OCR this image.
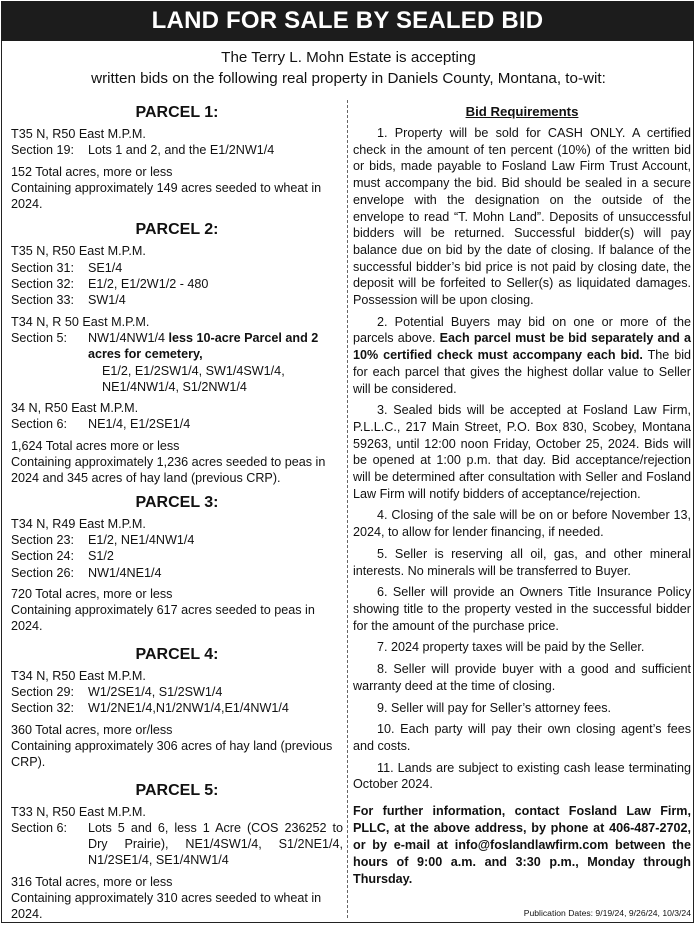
LAND FOR SALE BY SEALED BID
The Terry L. Mohn Estate is accepting
written bids on the following real property in Daniels County, Montana, to-wit:
PARCEL 1:
T35 N, R50 East M.P.M.
Section 19:	Lots 1 and 2, and the E1/2NW1/4
152 Total acres, more or less
Containing approximately 149 acres seeded to wheat in 2024.
PARCEL 2:
T35 N, R50 East M.P.M.
Section 31:	SE1/4
Section 32:	E1/2, E1/2W1/2 - 480
Section 33:	SW1/4
T34 N, R 50 East M.P.M.
Section 5:	NW1/4NW1/4 less 10-acre Parcel and 2 acres for cemetery,

E1/2, E1/2SW1/4, SW1/4SW1/4, NE1/4NW1/4, S1/2NW1/4
34 N, R50 East M.P.M.
Section 6:	NE1/4, E1/2SE1/4
1,624 Total acres more or less
Containing approximately 1,236 acres seeded to peas in 2024 and 345 acres of hay land (previous CRP).
PARCEL 3:
T34 N, R49 East M.P.M.
Section 23:	E1/2, NE1/4NW1/4
Section 24:	S1/2
Section 26:	NW1/4NE1/4
720 Total acres, more or less
Containing approximately 617 acres seeded to peas in 2024.
PARCEL 4:
T34 N, R50 East M.P.M.
Section 29:	W1/2SE1/4, S1/2SW1/4
Section 32:	W1/2NE1/4,N1/2NW1/4,E1/4NW1/4
360 Total acres, more or/less
Containing approximately 306 acres of hay land (previous CRP).
PARCEL 5:
T33 N, R50 East M.P.M.
Section 6:	Lots 5 and 6, less 1 Acre (COS 236252 to Dry Prairie), NE1/4SW1/4, S1/2NE1/4, N1/2SE1/4, SE1/4NW1/4
316 Total acres, more or less
Containing approximately 310 acres seeded to wheat in 2024.
Bid Requirements

1. Property will be sold for CASH ONLY. A certified check in the amount of ten percent (10%) of the written bid or bids, made payable to Fosland Law Firm Trust Account, must accompany the bid. Bid should be sealed in a secure envelope with the designation on the outside of the envelope to read “T. Mohn Land”. Deposits of unsuccessful bidders will be returned. Successful bidder(s) will pay balance due on bid by the date of closing. If balance of the successful bidder’s bid price is not paid by closing date, the deposit will be forfeited to Seller(s) as liquidated damages. Possession will be upon closing.

2. Potential Buyers may bid on one or more of the parcels above. Each parcel must be bid separately and a 10% certified check must accompany each bid. The bid for each parcel that gives the highest dollar value to Seller will be considered.

3. Sealed bids will be accepted at Fosland Law Firm, P.L.L.C., 217 Main Street, P.O. Box 830, Scobey, Montana 59263, until 12:00 noon Friday, October 25, 2024. Bids will be opened at 1:00 p.m. that day. Bid acceptance/rejection will be determined after consultation with Seller and Fosland Law Firm will notify bidders of acceptance/rejection.

4. Closing of the sale will be on or before November 13, 2024, to allow for lender financing, if needed.

5. Seller is reserving all oil, gas, and other mineral interests. No minerals will be transferred to Buyer.

6. Seller will provide an Owners Title Insurance Policy showing title to the property vested in the successful bidder for the amount of the purchase price.

7. 2024 property taxes will be paid by the Seller.

8. Seller will provide buyer with a good and sufficient warranty deed at the time of closing.

9. Seller will pay for Seller’s attorney fees.

10. Each party will pay their own closing agent’s fees and costs.

11. Lands are subject to existing cash lease terminating October 2024.

For further information, contact Fosland Law Firm, PLLC, at the above address, by phone at 406-487-2702, or by e-mail at info@foslandlawfirm.com between the hours of 9:00 a.m. and 3:30 p.m., Monday through Thursday.
Publication Dates: 9/19/24, 9/26/24, 10/3/24
